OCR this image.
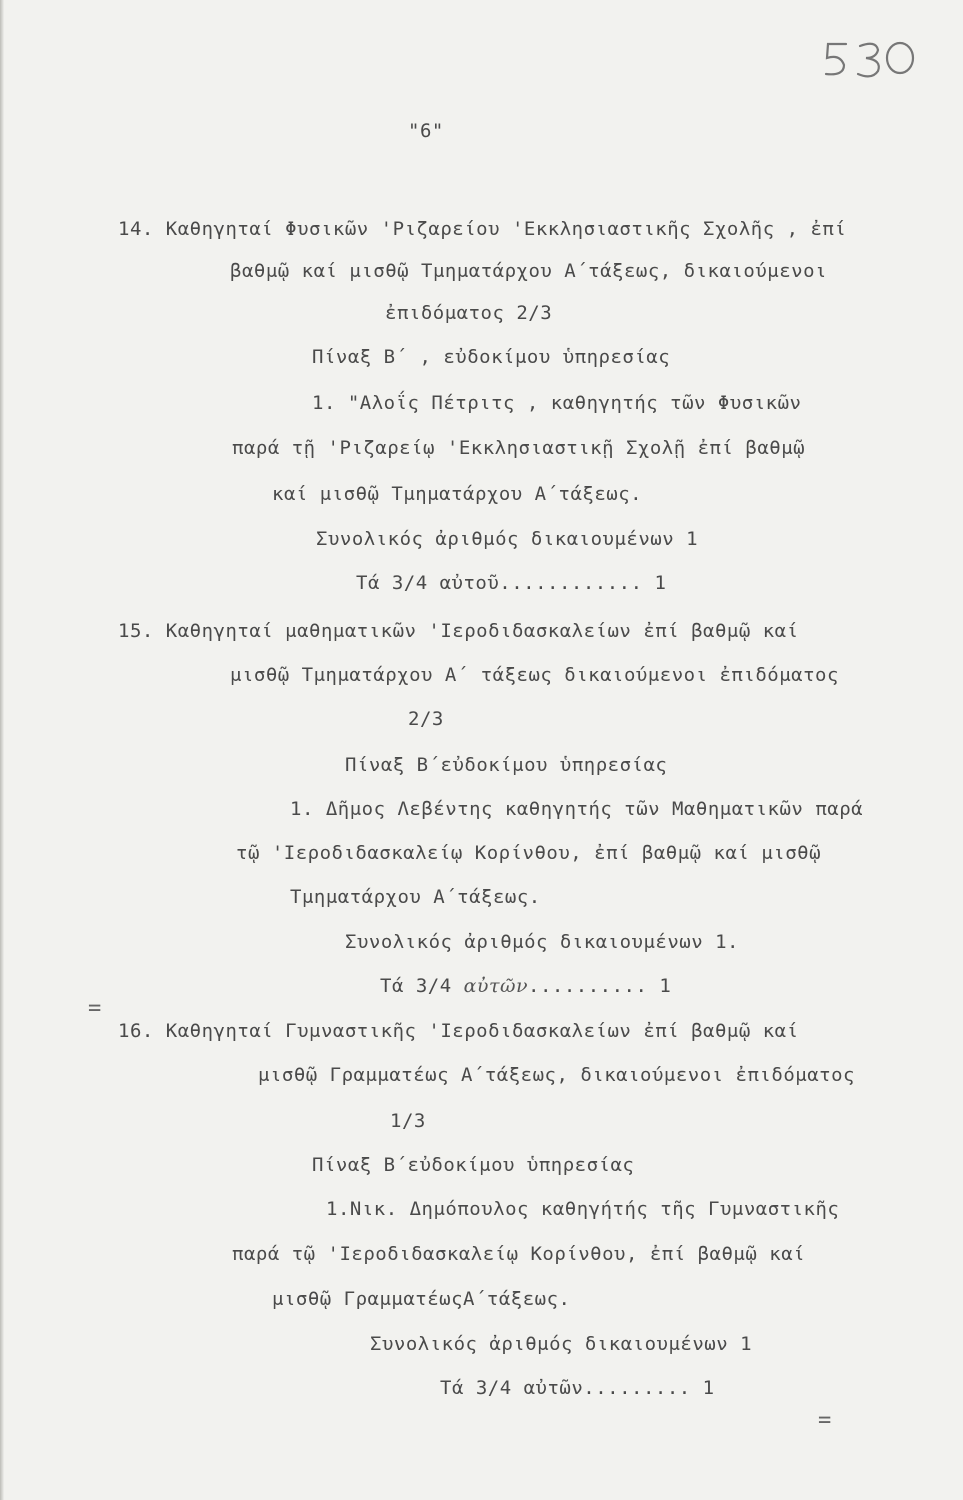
"6"
14. Καθηγηταί Φυσικῶν 'Ριζαρείου 'Εκκλησιαστικῆς Σχολῆς , ἐπί
βαθμῷ καί μισθῷ Τμηματάρχου Α΄τάξεως, δικαιούμενοι
ἐπιδόματος 2/3
Πίναξ Β΄ , εὐδοκίμου ὑπηρεσίας
1. "Αλοΐς Πέτριτς , καθηγητής τῶν Φυσικῶν
παρά τῇ 'Ριζαρείῳ 'Εκκλησιαστικῇ Σχολῇ ἐπί βαθμῷ
καί μισθῷ Τμηματάρχου Α΄τάξεως.
Συνολικός ἀριθμός δικαιουμένων 1
Τά 3/4 αὐτοῦ............ 1
15. Καθηγηταί μαθηματικῶν 'Ιεροδιδασκαλείων ἐπί βαθμῷ καί
μισθῷ Τμηματάρχου Α΄ τάξεως δικαιούμενοι ἐπιδόματος
2/3
Πίναξ Β΄εὐδοκίμου ὑπηρεσίας
1. Δῆμος Λεβέντης καθηγητής τῶν Μαθηματικῶν παρά
τῷ 'Ιεροδιδασκαλείῳ Κορίνθου, ἐπί βαθμῷ καί μισθῷ
Τμηματάρχου Α΄τάξεως.
Συνολικός ἀριθμός δικαιουμένων 1.
Τά 3/4 αὐτῶν.......... 1
=
16. Καθηγηταί Γυμναστικῆς 'Ιεροδιδασκαλείων ἐπί βαθμῷ καί
μισθῷ Γραμματέως Α΄τάξεως, δικαιούμενοι ἐπιδόματος
1/3
Πίναξ Β΄εὐδοκίμου ὑπηρεσίας
1.Νικ. Δημόπουλος καθηγήτής τῆς Γυμναστικῆς
παρά τῷ 'Ιεροδιδασκαλείῳ Κορίνθου, ἐπί βαθμῷ καί
μισθῷ ΓραμματέωςΑ΄τάξεως.
Συνολικός ἀριθμός δικαιουμένων 1
Τά 3/4 αὐτῶν......... 1
=
